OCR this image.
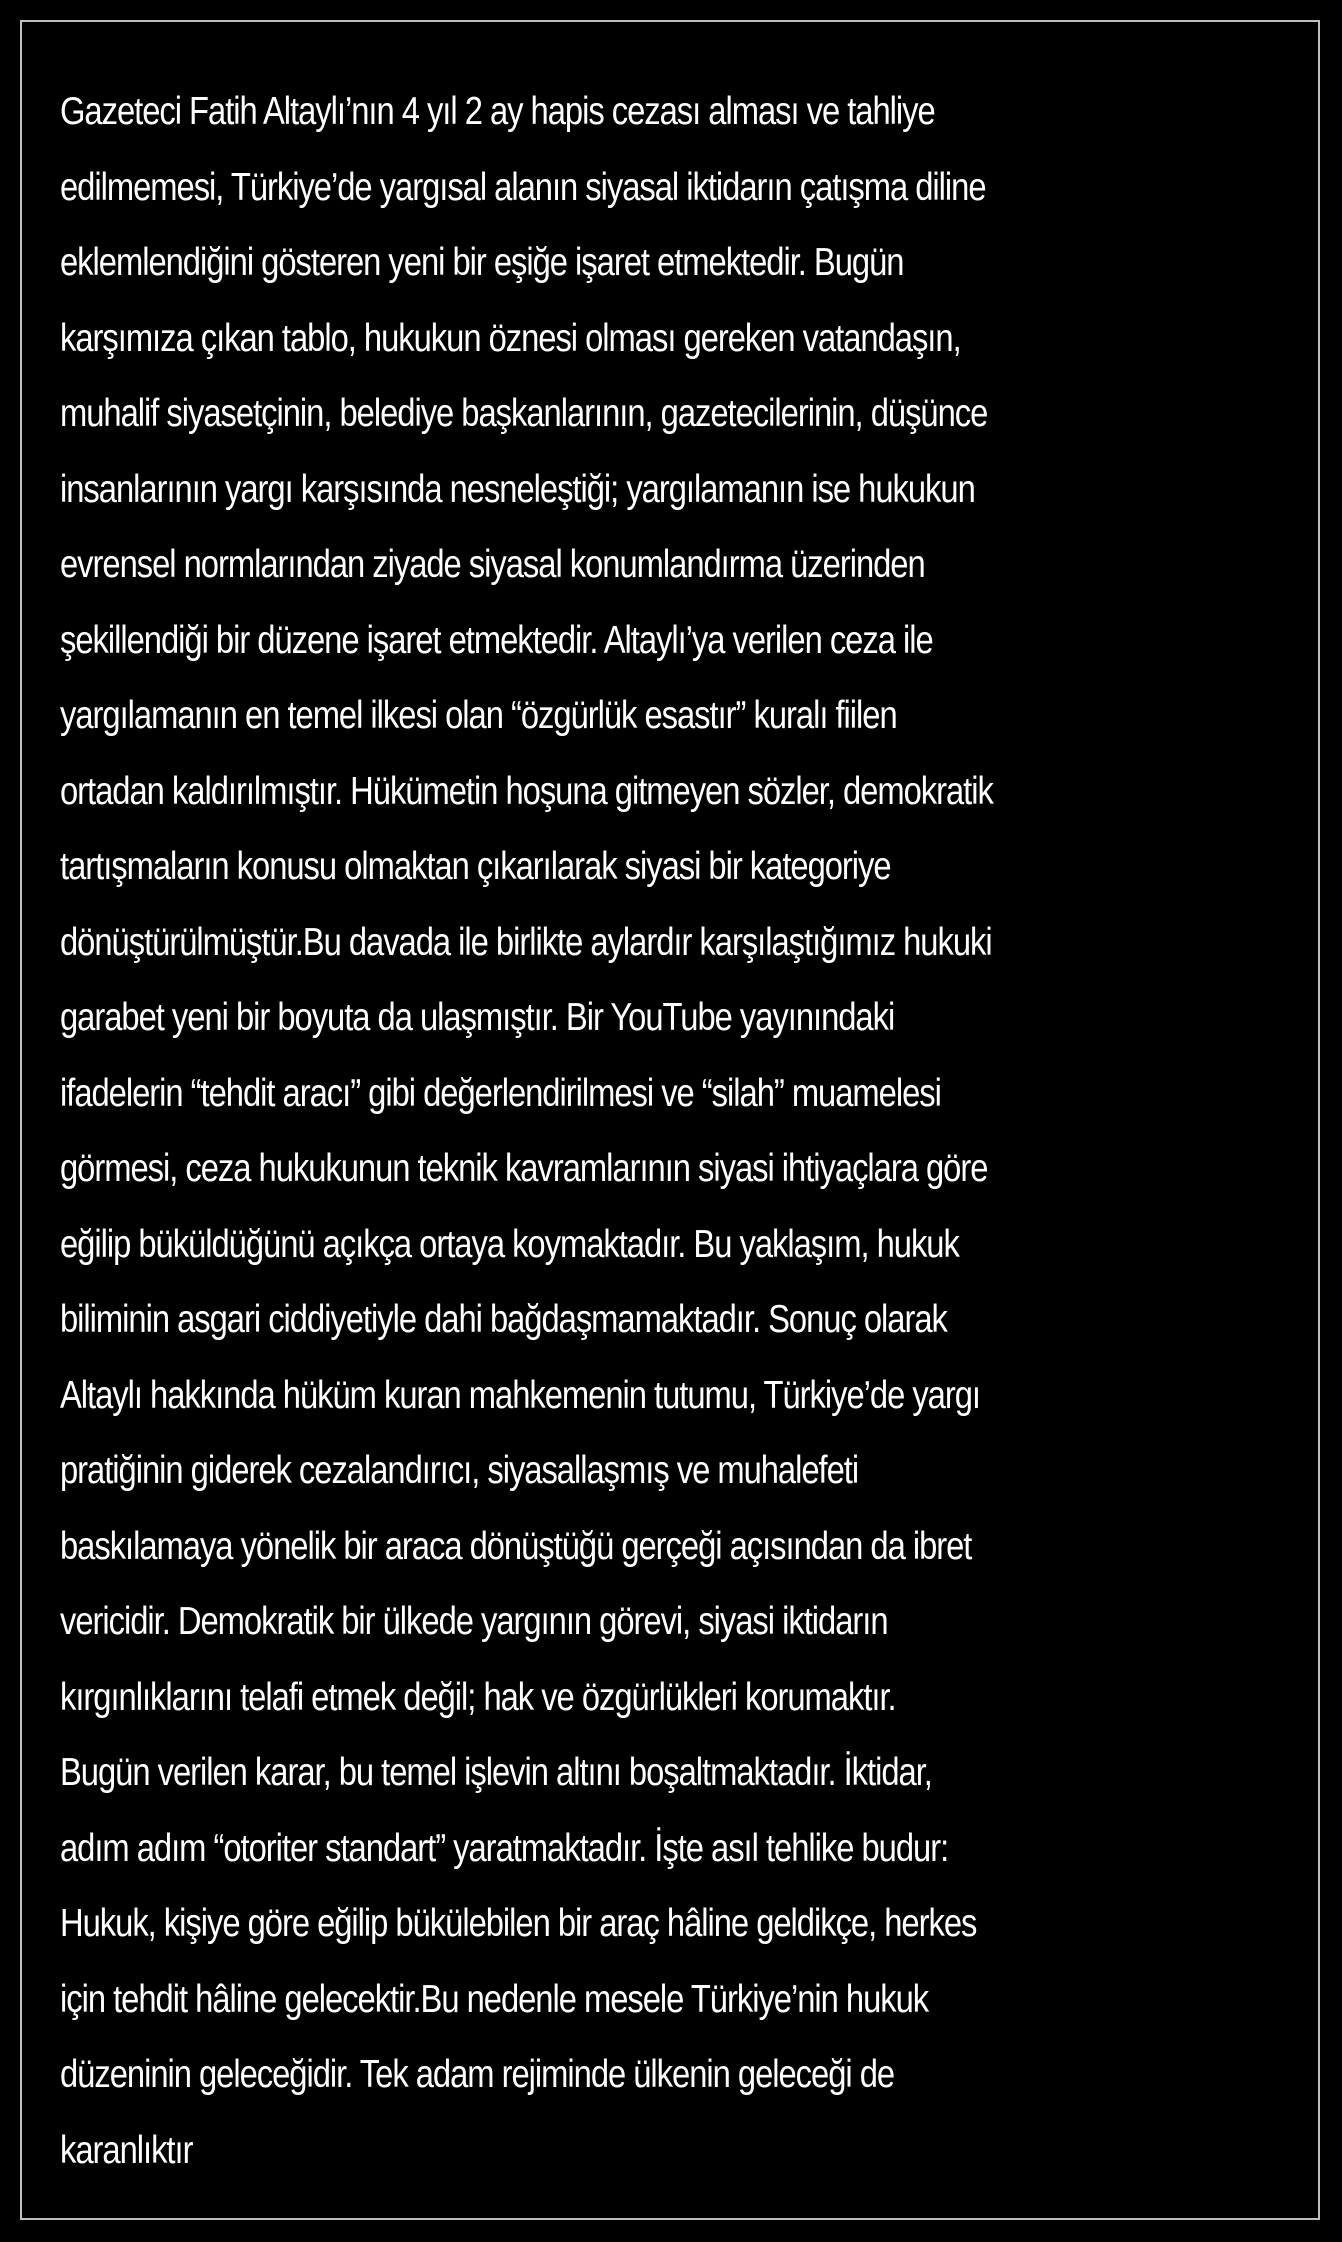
Gazeteci Fatih Altaylı’nın 4 yıl 2 ay hapis cezası alması ve tahliye
edilmemesi, Türkiye’de yargısal alanın siyasal iktidarın çatışma diline
eklemlendiğini gösteren yeni bir eşiğe işaret etmektedir. Bugün
karşımıza çıkan tablo, hukukun öznesi olması gereken vatandaşın,
muhalif siyasetçinin, belediye başkanlarının, gazetecilerinin, düşünce
insanlarının yargı karşısında nesneleştiği; yargılamanın ise hukukun
evrensel normlarından ziyade siyasal konumlandırma üzerinden
şekillendiği bir düzene işaret etmektedir. Altaylı’ya verilen ceza ile
yargılamanın en temel ilkesi olan “özgürlük esastır” kuralı fiilen
ortadan kaldırılmıştır. Hükümetin hoşuna gitmeyen sözler, demokratik
tartışmaların konusu olmaktan çıkarılarak siyasi bir kategoriye
dönüştürülmüştür.Bu davada ile birlikte aylardır karşılaştığımız hukuki
garabet yeni bir boyuta da ulaşmıştır. Bir YouTube yayınındaki
ifadelerin “tehdit aracı” gibi değerlendirilmesi ve “silah” muamelesi
görmesi, ceza hukukunun teknik kavramlarının siyasi ihtiyaçlara göre
eğilip büküldüğünü açıkça ortaya koymaktadır. Bu yaklaşım, hukuk
biliminin asgari ciddiyetiyle dahi bağdaşmamaktadır. Sonuç olarak
Altaylı hakkında hüküm kuran mahkemenin tutumu, Türkiye’de yargı
pratiğinin giderek cezalandırıcı, siyasallaşmış ve muhalefeti
baskılamaya yönelik bir araca dönüştüğü gerçeği açısından da ibret
vericidir. Demokratik bir ülkede yargının görevi, siyasi iktidarın
kırgınlıklarını telafi etmek değil; hak ve özgürlükleri korumaktır.
Bugün verilen karar, bu temel işlevin altını boşaltmaktadır. İktidar,
adım adım “otoriter standart” yaratmaktadır. İşte asıl tehlike budur:
Hukuk, kişiye göre eğilip bükülebilen bir araç hâline geldikçe, herkes
için tehdit hâline gelecektir.Bu nedenle mesele Türkiye’nin hukuk
düzeninin geleceğidir. Tek adam rejiminde ülkenin geleceği de
karanlıktır
